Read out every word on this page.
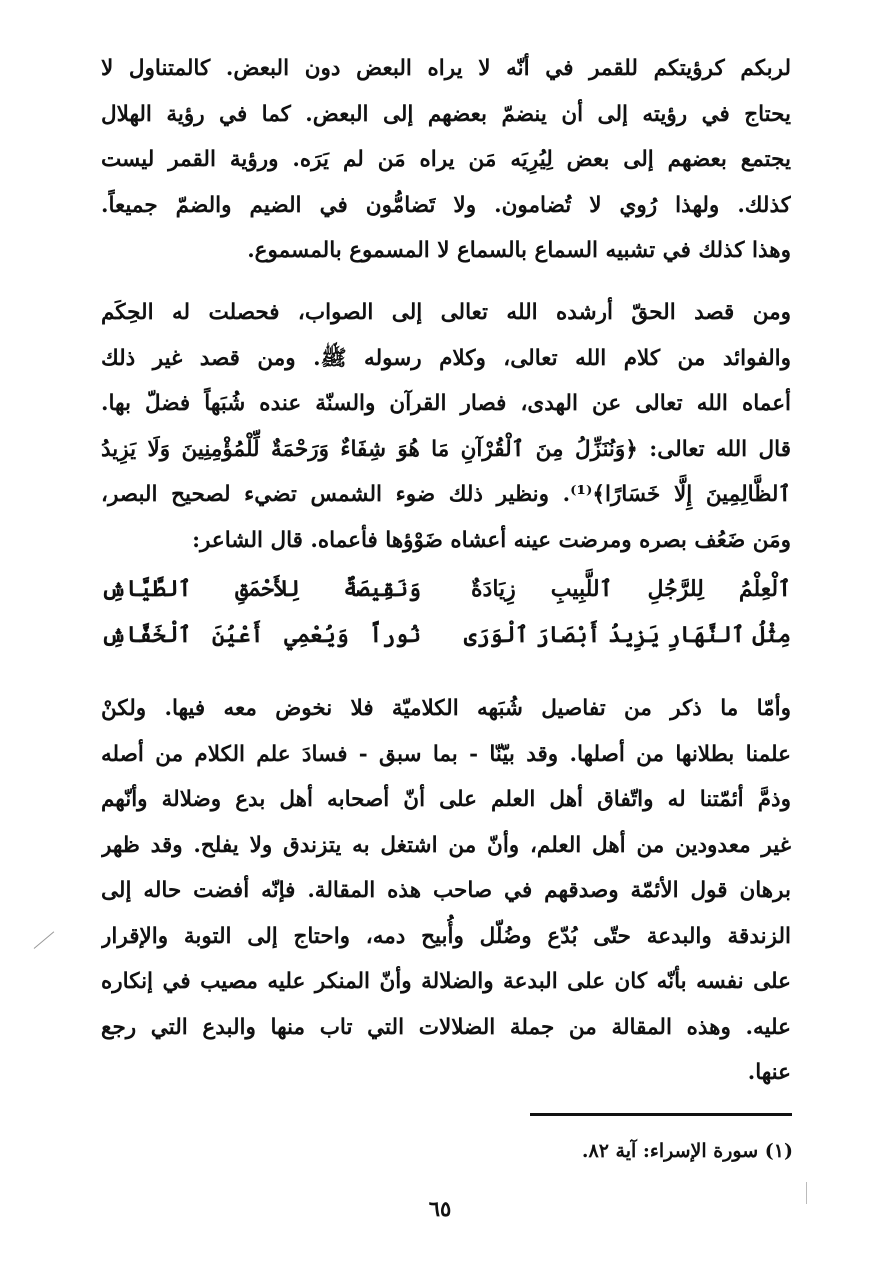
لربكم كرؤيتكم للقمر في أنّه لا يراه البعض دون البعض. كالمتناول لا
يحتاج في رؤيته إلى أن ينضمّ بعضهم إلى البعض. كما في رؤية الهلال
يجتمع بعضهم إلى بعض لِيُرِيَه مَن يراه مَن لم يَرَه. ورؤية القمر ليست
كذلك. ولهذا رُوي لا تُضامون. ولا تَضامُّون في الضيم والضمّ جميعاً.
وهذا كذلك في تشبيه السماع بالسماع لا المسموع بالمسموع.
ومن قصد الحقّ أرشده الله تعالى إلى الصواب، فحصلت له الحِكَم
والفوائد من كلام الله تعالى، وكلام رسوله ﷺ. ومن قصد غير ذلك
أعماه الله تعالى عن الهدى، فصار القرآن والسنّة عنده شُبَهاً فضلّ بها.
قال الله تعالى: ﴿وَنُنَزِّلُ مِنَ ٱلْقُرْآنِ مَا هُوَ شِفَاءٌ وَرَحْمَةٌ لِّلْمُؤْمِنِينَ وَلَا يَزِيدُ
ٱلظَّالِمِينَ إِلَّا خَسَارًا﴾⁽¹⁾. ونظير ذلك ضوء الشمس تضيء لصحيح البصر،
ومَن ضَعُف بصره ومرضت عينه أعشاه ضَوْؤها فأعماه. قال الشاعر:
ٱلْعِلْمُ لِلرَّجُلِ ٱللَّبِيبِ زِيَادَةٌ
وَنَقِيصَةٌ لِلأَحْمَقِ ٱلطَّيَّاشِ
مِثْلُ ٱلنَّهَارِ يَزِيدُ أَبْصَارَ ٱلْوَرَى
نُوراً وَيُعْمِي أَعْيُنَ ٱلْخَفَّاشِ
وأمّا ما ذكر من تفاصيل شُبَهه الكلاميّة فلا نخوض معه فيها. ولكنْ
علمنا بطلانها من أصلها. وقد بيّنّا - بما سبق - فسادَ علم الكلام من أصله
وذمَّ أئمّتنا له واتّفاق أهل العلم على أنّ أصحابه أهل بدع وضلالة وأنّهم
غير معدودين من أهل العلم، وأنّ من اشتغل به يتزندق ولا يفلح. وقد ظهر
برهان قول الأئمّة وصدقهم في صاحب هذه المقالة. فإنّه أفضت حاله إلى
الزندقة والبدعة حتّى بُدّع وضُلّل وأُبيح دمه، واحتاج إلى التوبة والإقرار
على نفسه بأنّه كان على البدعة والضلالة وأنّ المنكر عليه مصيب في إنكاره
عليه. وهذه المقالة من جملة الضلالات التي تاب منها والبدع التي رجع
عنها.
(١) سورة الإسراء: آية ٨٢.
٦٥
